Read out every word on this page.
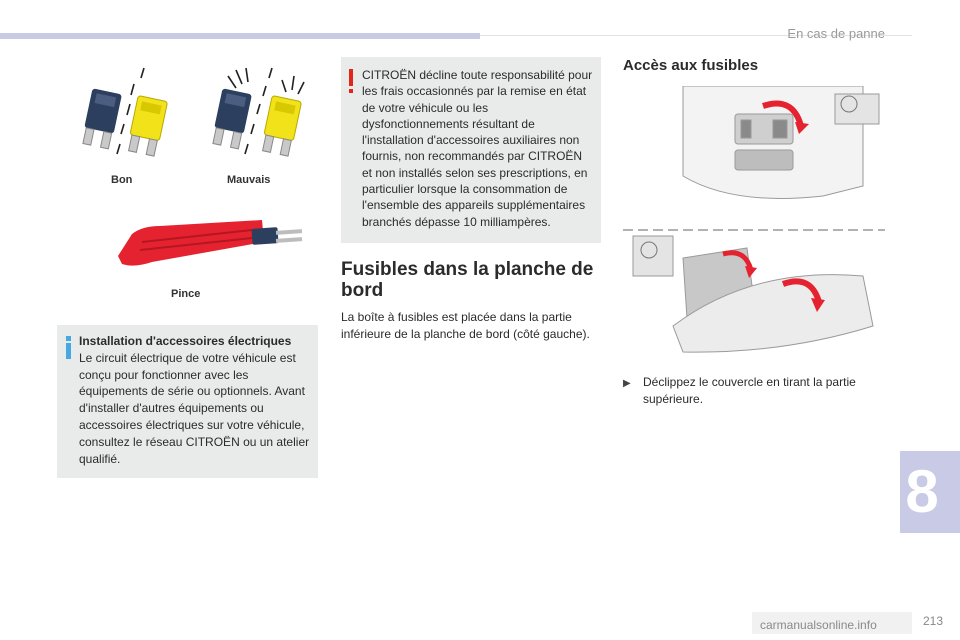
En cas de panne
Bon	Mauvais
Pince
Installation d'accessoires électriques
Le circuit électrique de votre véhicule est conçu pour fonctionner avec les équipements de série ou optionnels. Avant d'installer d'autres équipements ou accessoires électriques sur votre véhicule, consultez le réseau CITROËN ou un atelier qualifié.
CITROËN décline toute responsabilité pour les frais occasionnés par la remise en état de votre véhicule ou les dysfonctionnements résultant de l'installation d'accessoires auxiliaires non fournis, non recommandés par CITROËN et non installés selon ses prescriptions, en particulier lorsque la consommation de l'ensemble des appareils supplémentaires branchés dépasse 10 milliampères.
Fusibles dans la planche de bord
La boîte à fusibles est placée dans la partie inférieure de la planche de bord (côté gauche).
Accès aux fusibles
▶	Déclippez le couvercle en tirant la partie supérieure.
8
carmanualsonline.info	213
